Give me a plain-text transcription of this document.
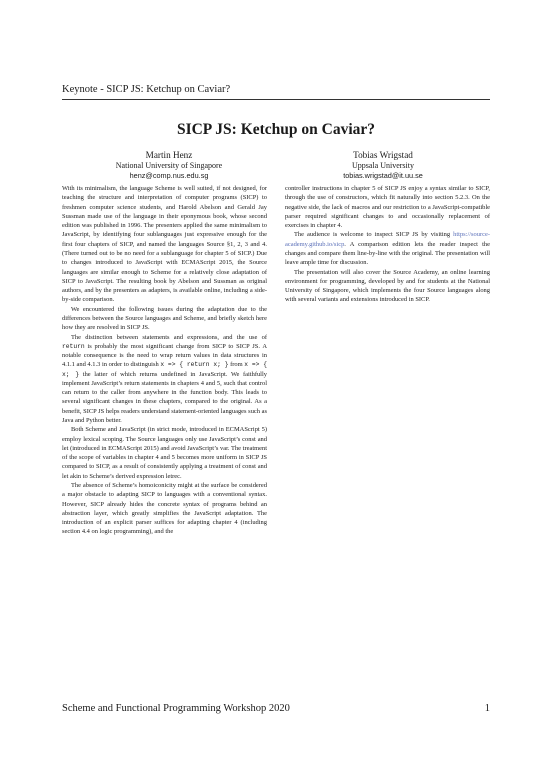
Keynote - SICP JS: Ketchup on Caviar?
SICP JS: Ketchup on Caviar?
Martin Henz
National University of Singapore
henz@comp.nus.edu.sg
Tobias Wrigstad
Uppsala University
tobias.wrigstad@it.uu.se

With its minimalism, the language Scheme is well suited, if not designed, for teaching the structure and interpretation of computer programs (SICP) to freshmen computer science students, and Harold Abelson and Gerald Jay Sussman made use of the language in their eponymous book, whose second edition was published in 1996. The presenters applied the same minimalism to JavaScript, by identifying four sublanguages just expressive enough for the first four chapters of SICP, and named the languages Source §1, 2, 3 and 4. (There turned out to be no need for a sublanguage for chapter 5 of SICP.) Due to changes introduced to JavaScript with ECMAScript 2015, the Source languages are similar enough to Scheme for a relatively close adaptation of SICP to JavaScript. The resulting book by Abelson and Sussman as original authors, and by the presenters as adapters, is available online, including a side-by-side comparison.

We encountered the following issues during the adaptation due to the differences between the Source languages and Scheme, and briefly sketch here how they are resolved in SICP JS.

The distinction between statements and expressions, and the use of return is probably the most significant change from SICP to SICP JS. A notable consequence is the need to wrap return values in data structures in 4.1.1 and 4.1.3 in order to distinguish x => { return x; } from x => { x; } the latter of which returns undefined in JavaScript. We faithfully implement JavaScript’s return statements in chapters 4 and 5, such that control can return to the caller from anywhere in the function body. This leads to several significant changes in these chapters, compared to the original. As a benefit, SICP JS helps readers understand statement-oriented languages such as Java and Python better.

Both Scheme and JavaScript (in strict mode, introduced in ECMAScript 5) employ lexical scoping. The Source languages only use JavaScript’s const and let (introduced in ECMAScript 2015) and avoid JavaScript’s var. The treatment of the scope of variables in chapter 4 and 5 becomes more uniform in SICP JS compared to SICP, as a result of consistently applying a treatment of const and let akin to Scheme’s derived expression letrec.

The absence of Scheme’s homoiconicity might at the surface be considered a major obstacle to adapting SICP to languages with a conventional syntax. However, SICP already hides the concrete syntax of programs behind an abstraction layer, which greatly simplifies the JavaScript adaptation. The introduction of an explicit parser suffices for adapting chapter 4 (including section 4.4 on logic programming), and the

controller instructions in chapter 5 of SICP JS enjoy a syntax similar to SICP, through the use of constructors, which fit naturally into section 5.2.3. On the negative side, the lack of macros and our restriction to a JavaScript-compatible parser required significant changes to and occasionally replacement of exercises in chapter 4.

The audience is welcome to inspect SICP JS by visiting https://source-academy.github.io/sicp. A comparison edition lets the reader inspect the changes and compare them line-by-line with the original. The presentation will leave ample time for discussion.

The presentation will also cover the Source Academy, an online learning environment for programming, developed by and for students at the National University of Singapore, which implements the four Source languages along with several variants and extensions introduced in SICP.

Scheme and Functional Programming Workshop 2020	1
